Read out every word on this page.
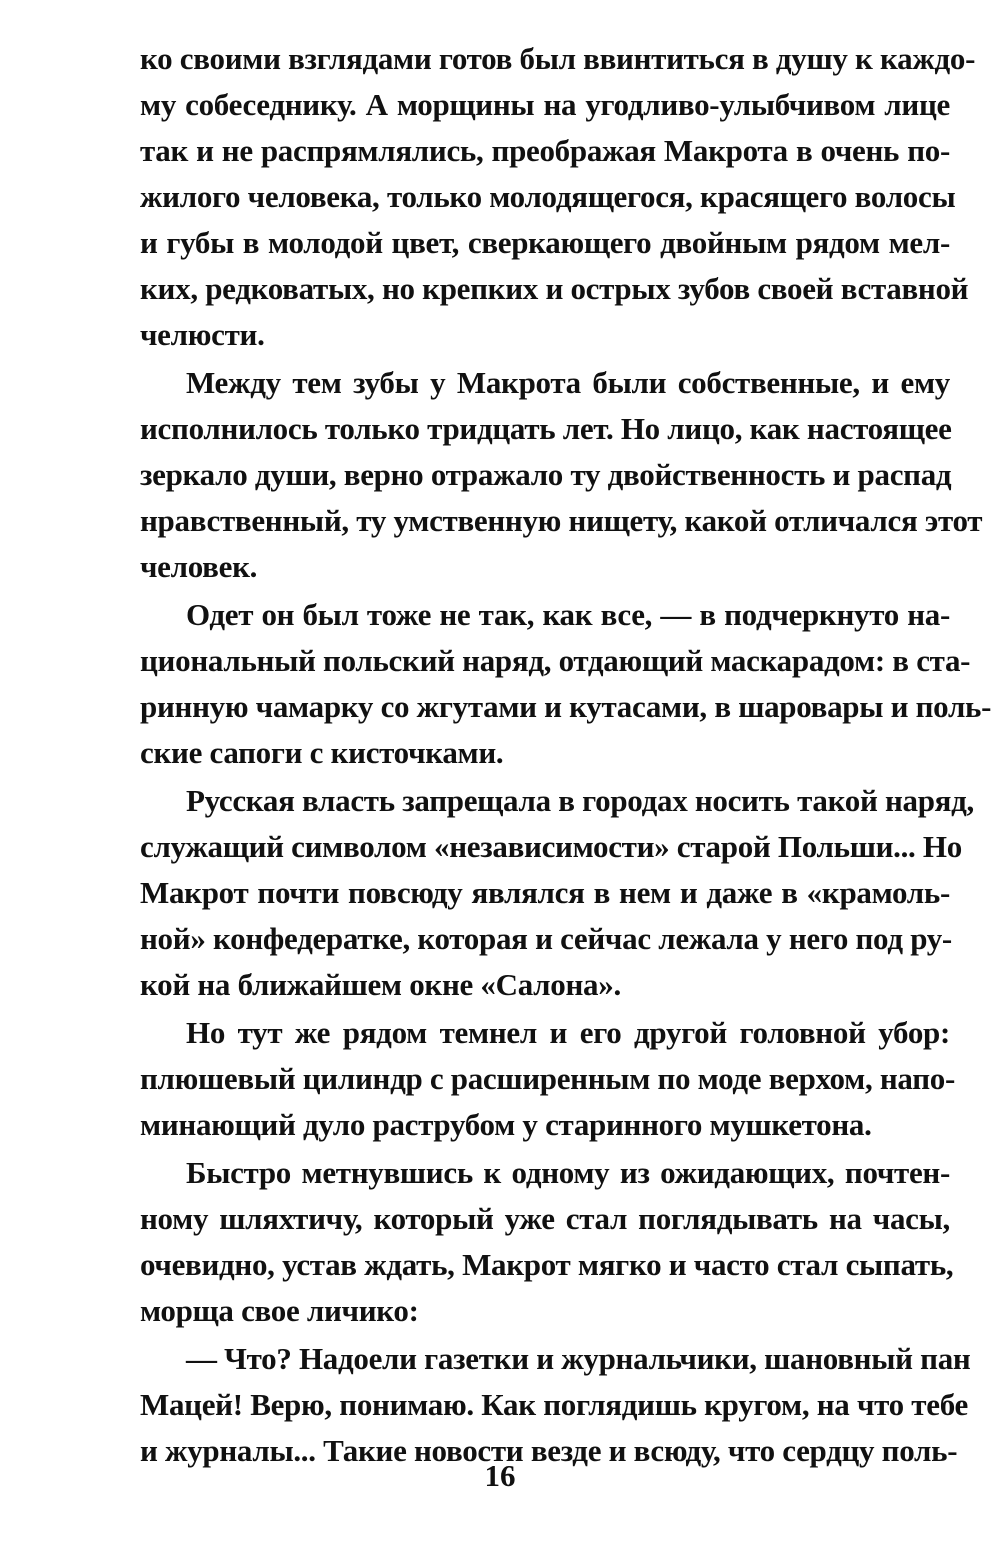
ко своими взглядами готов был ввинтиться в душу к каждо-
му собеседнику. А морщины на угодливо-улыбчивом лице
так и не распрямлялись, преображая Макрота в очень по-
жилого человека, только молодящегося, красящего волосы
и губы в молодой цвет, сверкающего двойным рядом мел-
ких, редковатых, но крепких и острых зубов своей вставной
челюсти.
Между тем зубы у Макрота были собственные, и ему
исполнилось только тридцать лет. Но лицо, как настоящее
зеркало души, верно отражало ту двойственность и распад
нравственный, ту умственную нищету, какой отличался этот
человек.
Одет он был тоже не так, как все, — в подчеркнуто на-
циональный польский наряд, отдающий маскарадом: в ста-
ринную чамарку со жгутами и кутасами, в шаровары и поль-
ские сапоги с кисточками.
Русская власть запрещала в городах носить такой наряд,
служащий символом «независимости» старой Польши... Но
Макрот почти повсюду являлся в нем и даже в «крамоль-
ной» конфедератке, которая и сейчас лежала у него под ру-
кой на ближайшем окне «Салона».
Но тут же рядом темнел и его другой головной убор:
плюшевый цилиндр с расширенным по моде верхом, напо-
минающий дуло раструбом у старинного мушкетона.
Быстро метнувшись к одному из ожидающих, почтен-
ному шляхтичу, который уже стал поглядывать на часы,
очевидно, устав ждать, Макрот мягко и часто стал сыпать,
морща свое личико:
— Что? Надоели газетки и журнальчики, шановный пан
Мацей! Верю, понимаю. Как поглядишь кругом, на что тебе
и журналы... Такие новости везде и всюду, что сердцу поль-
16
